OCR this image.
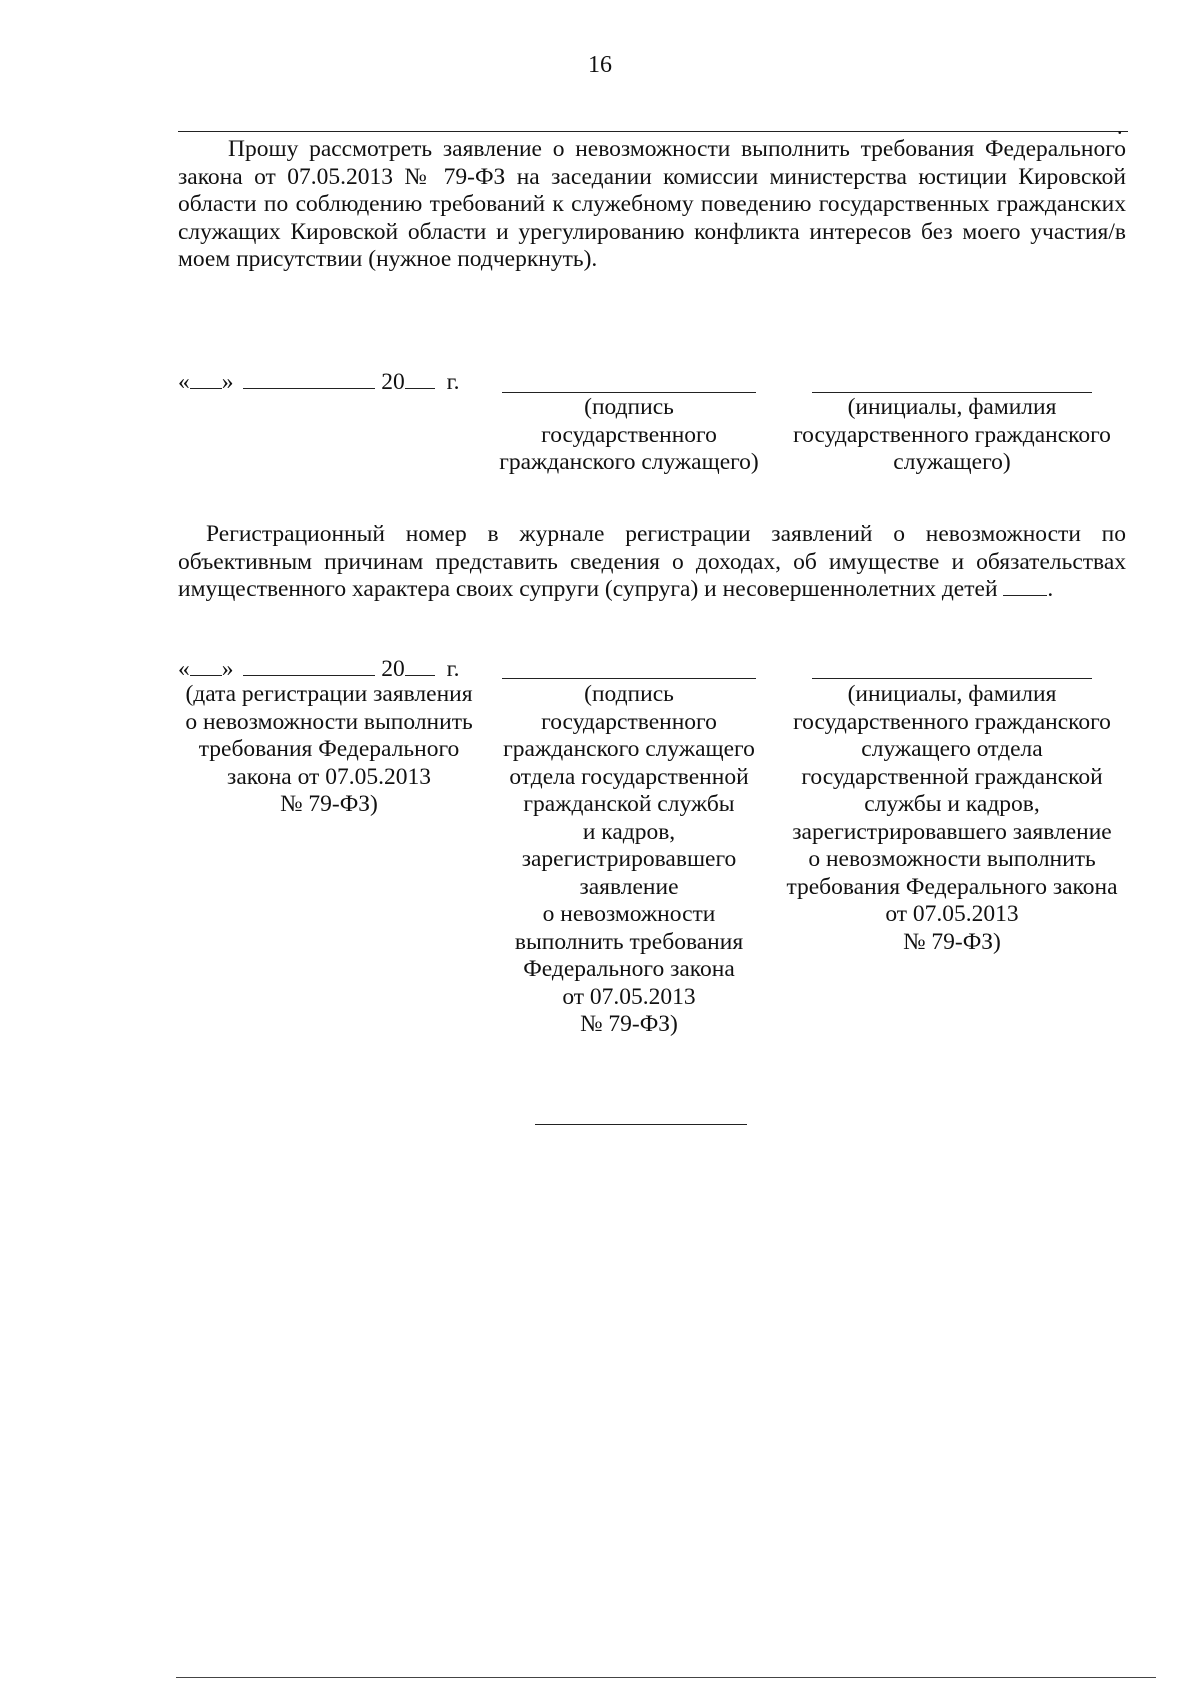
16
.
Прошу рассмотреть заявление о невозможности выполнить требования Федерального закона от 07.05.2013 № 79-ФЗ на заседании комиссии министерства юстиции Кировской области по соблюдению требований к служебному поведению государственных гражданских служащих Кировской области и урегулированию конфликта интересов без моего участия/в моем присутствии (нужное подчеркнуть).
« »	20 г.
(подпись
государственного
гражданского служащего)
(инициалы, фамилия
государственного гражданского
служащего)
Регистрационный номер в журнале регистрации заявлений о невозможности по объективным причинам представить сведения о доходах, об имуществе и обязательствах имущественного характера своих супруги (супруга) и несовершеннолетних детей .
« »	20 г.
(дата регистрации заявления
о невозможности выполнить
требования Федерального
закона от 07.05.2013
№ 79-ФЗ)
(подпись
государственного
гражданского служащего
отдела государственной
гражданской службы
и кадров,
зарегистрировавшего
заявление
о невозможности
выполнить требования
Федерального закона
от 07.05.2013
№ 79-ФЗ)
(инициалы, фамилия
государственного гражданского
служащего отдела
государственной гражданской
службы и кадров,
зарегистрировавшего заявление
о невозможности выполнить
требования Федерального закона
от 07.05.2013
№ 79-ФЗ)
